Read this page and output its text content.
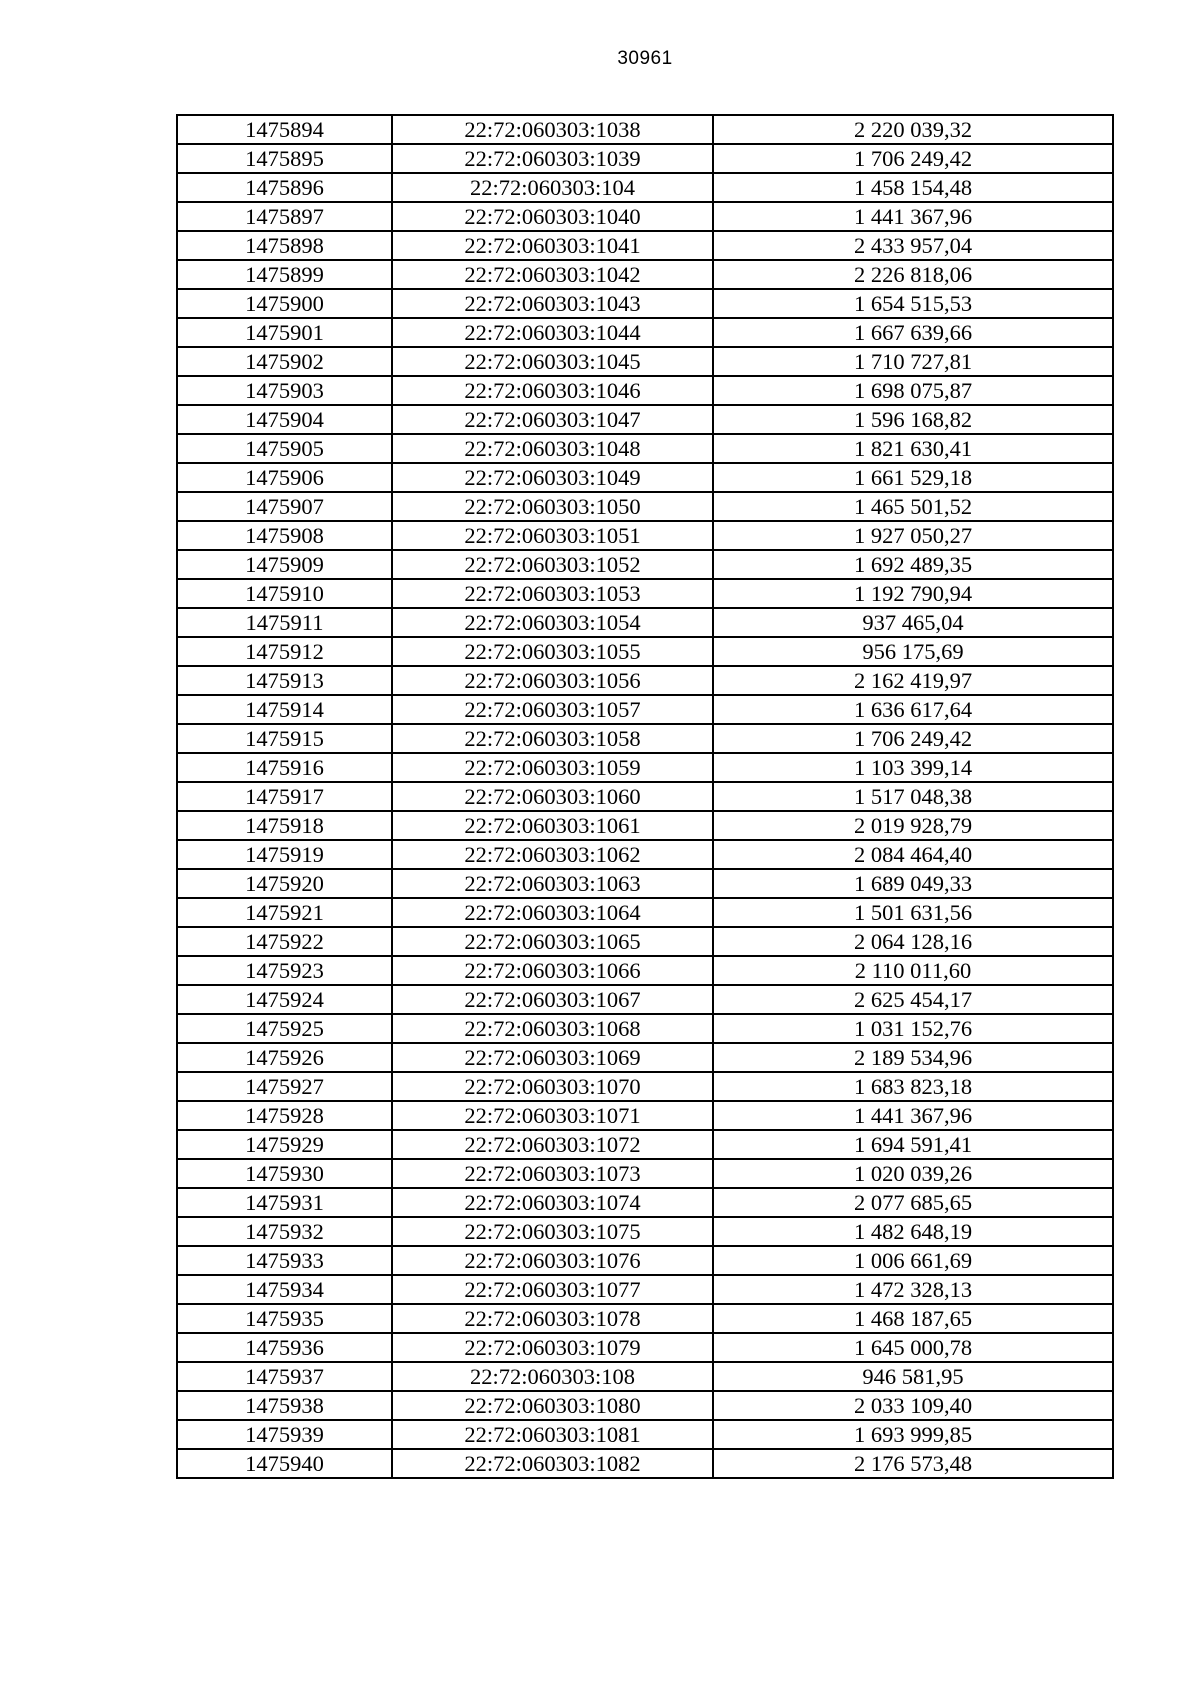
30961
1475894	22:72:060303:1038	2 220 039,32
1475895	22:72:060303:1039	1 706 249,42
1475896	22:72:060303:104	1 458 154,48
1475897	22:72:060303:1040	1 441 367,96
1475898	22:72:060303:1041	2 433 957,04
1475899	22:72:060303:1042	2 226 818,06
1475900	22:72:060303:1043	1 654 515,53
1475901	22:72:060303:1044	1 667 639,66
1475902	22:72:060303:1045	1 710 727,81
1475903	22:72:060303:1046	1 698 075,87
1475904	22:72:060303:1047	1 596 168,82
1475905	22:72:060303:1048	1 821 630,41
1475906	22:72:060303:1049	1 661 529,18
1475907	22:72:060303:1050	1 465 501,52
1475908	22:72:060303:1051	1 927 050,27
1475909	22:72:060303:1052	1 692 489,35
1475910	22:72:060303:1053	1 192 790,94
1475911	22:72:060303:1054	937 465,04
1475912	22:72:060303:1055	956 175,69
1475913	22:72:060303:1056	2 162 419,97
1475914	22:72:060303:1057	1 636 617,64
1475915	22:72:060303:1058	1 706 249,42
1475916	22:72:060303:1059	1 103 399,14
1475917	22:72:060303:1060	1 517 048,38
1475918	22:72:060303:1061	2 019 928,79
1475919	22:72:060303:1062	2 084 464,40
1475920	22:72:060303:1063	1 689 049,33
1475921	22:72:060303:1064	1 501 631,56
1475922	22:72:060303:1065	2 064 128,16
1475923	22:72:060303:1066	2 110 011,60
1475924	22:72:060303:1067	2 625 454,17
1475925	22:72:060303:1068	1 031 152,76
1475926	22:72:060303:1069	2 189 534,96
1475927	22:72:060303:1070	1 683 823,18
1475928	22:72:060303:1071	1 441 367,96
1475929	22:72:060303:1072	1 694 591,41
1475930	22:72:060303:1073	1 020 039,26
1475931	22:72:060303:1074	2 077 685,65
1475932	22:72:060303:1075	1 482 648,19
1475933	22:72:060303:1076	1 006 661,69
1475934	22:72:060303:1077	1 472 328,13
1475935	22:72:060303:1078	1 468 187,65
1475936	22:72:060303:1079	1 645 000,78
1475937	22:72:060303:108	946 581,95
1475938	22:72:060303:1080	2 033 109,40
1475939	22:72:060303:1081	1 693 999,85
1475940	22:72:060303:1082	2 176 573,48
